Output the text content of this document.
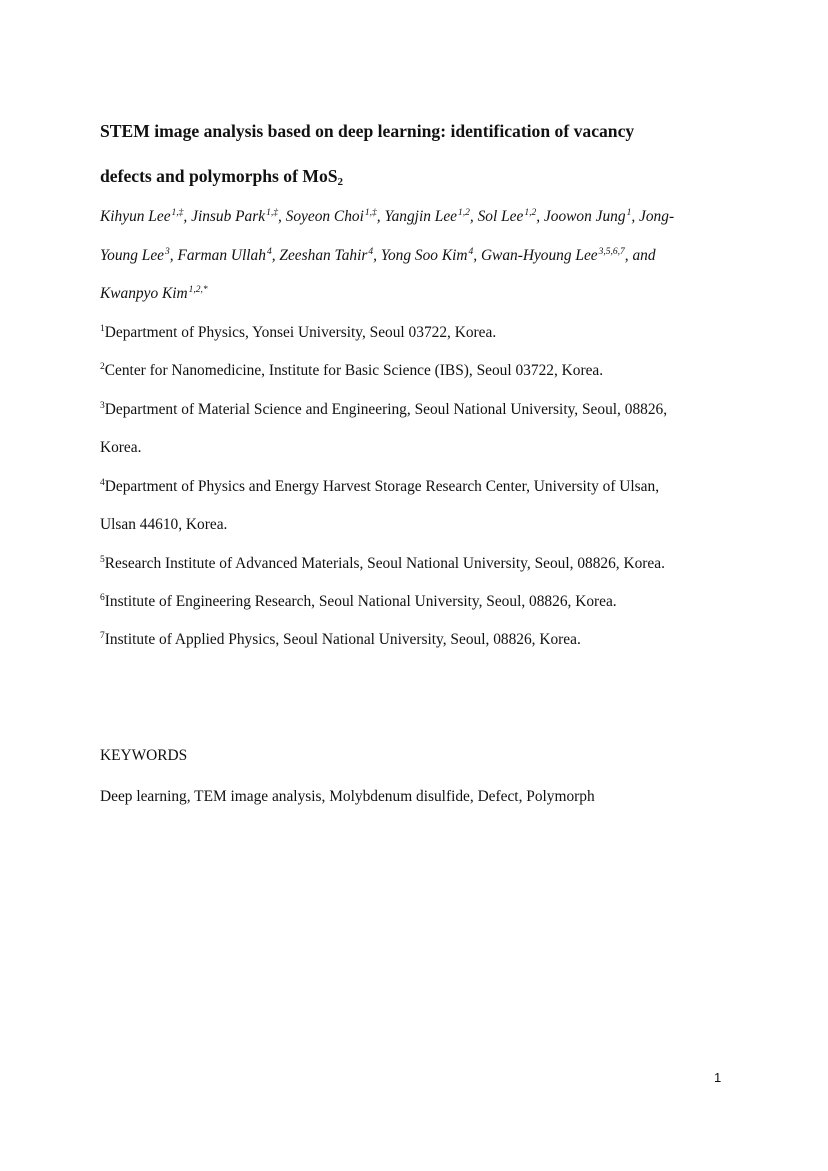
STEM image analysis based on deep learning: identification of vacancy
defects and polymorphs of MoS$_2$
Kihyun Lee$^{1,\ddagger}$, Jinsub Park$^{1,\ddagger}$, Soyeon Choi$^{1,\ddagger}$, Yangjin Lee$^{1,2}$, Sol Lee$^{1,2}$, Joowon Jung$^1$, Jong-
Young Lee$^3$, Farman Ullah$^4$, Zeeshan Tahir$^4$, Yong Soo Kim$^4$, Gwan-Hyoung Lee$^{3,5,6,7}$, and
Kwanpyo Kim$^{1,2,*}$
$^1$Department of Physics, Yonsei University, Seoul 03722, Korea.
$^2$Center for Nanomedicine, Institute for Basic Science (IBS), Seoul 03722, Korea.
$^3$Department of Material Science and Engineering, Seoul National University, Seoul, 08826,
Korea.
$^4$Department of Physics and Energy Harvest Storage Research Center, University of Ulsan,
Ulsan 44610, Korea.
$^5$Research Institute of Advanced Materials, Seoul National University, Seoul, 08826, Korea.
$^6$Institute of Engineering Research, Seoul National University, Seoul, 08826, Korea.
$^7$Institute of Applied Physics, Seoul National University, Seoul, 08826, Korea.
KEYWORDS
Deep learning, TEM image analysis, Molybdenum disulfide, Defect, Polymorph
1
